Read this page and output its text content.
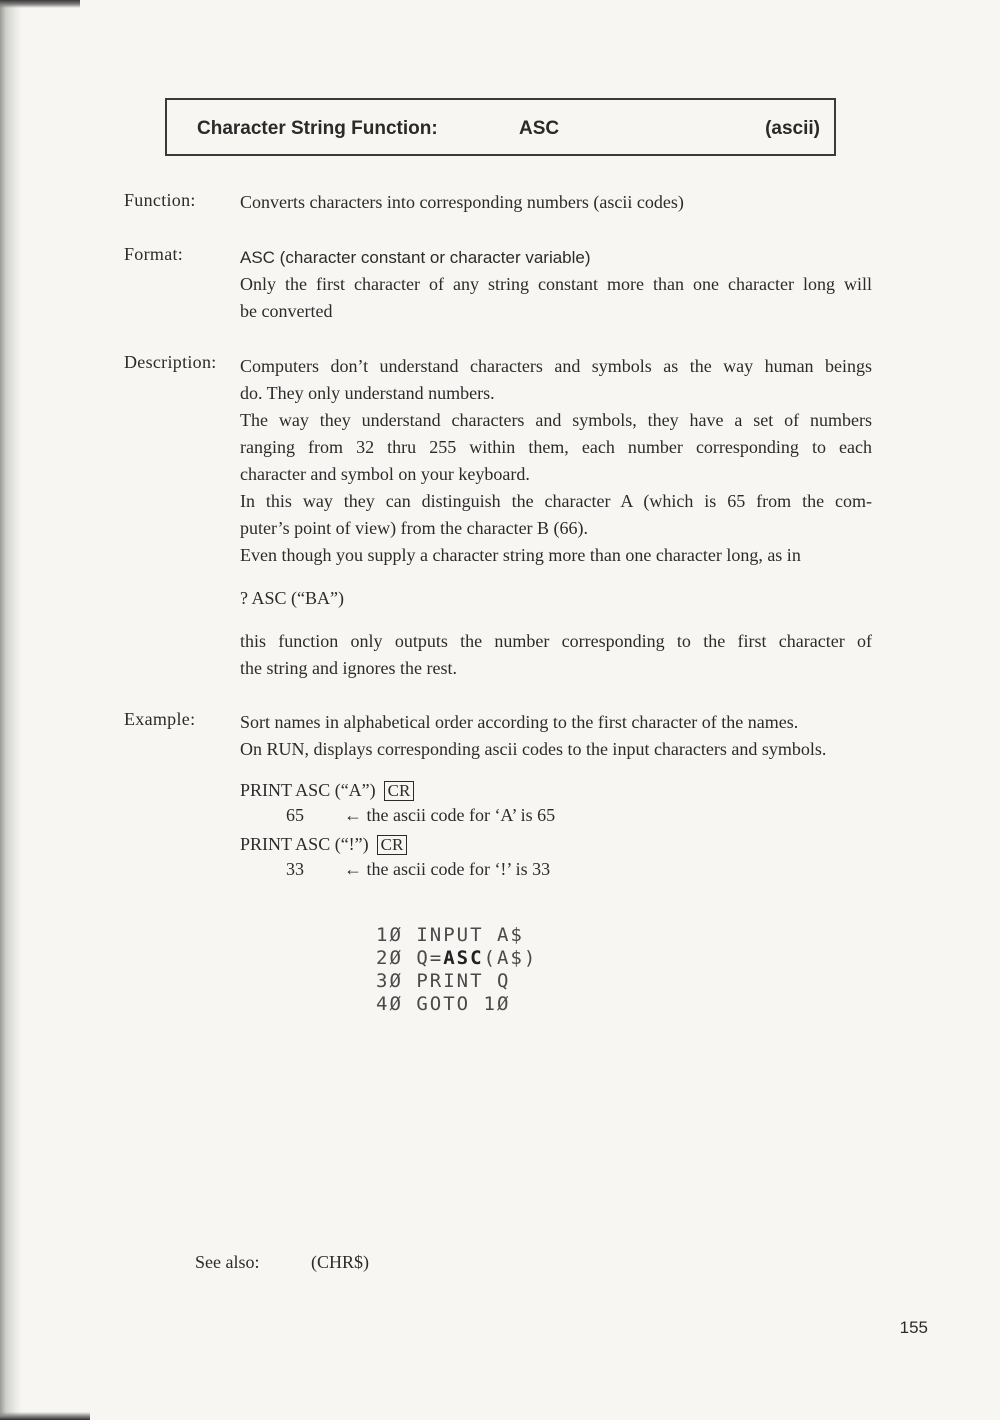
Character String Function:	ASC	(ascii)
Function: Converts characters into corresponding numbers (ascii codes)
Format:	ASC (character constant or character variable)
Only the first character of any string constant more than one character long will
be converted
Description: Computers don’t understand characters and symbols as the way human beings
do. They only understand numbers.
The way they understand characters and symbols, they have a set of numbers
ranging from 32 thru 255 within them, each number corresponding to each
character and symbol on your keyboard.
In this way they can distinguish the character A (which is 65 from the com-
puter’s point of view) from the character B (66).
Even though you supply a character string more than one character long, as in
? ASC (“BA”)
this function only outputs the number corresponding to the first character of
the string and ignores the rest.
Example: Sort names in alphabetical order according to the first character of the names.
On RUN, displays corresponding ascii codes to the input characters and symbols.
PRINT ASC (“A”) CR
65 ← the ascii code for ‘A’ is 65
PRINT ASC (“!”) CR
33 ← the ascii code for ‘!’ is 33
1Ø INPUT A$
2Ø Q=ASC(A$)
3Ø PRINT Q
4Ø GOTO 1Ø
See also:	(CHR$)
155
